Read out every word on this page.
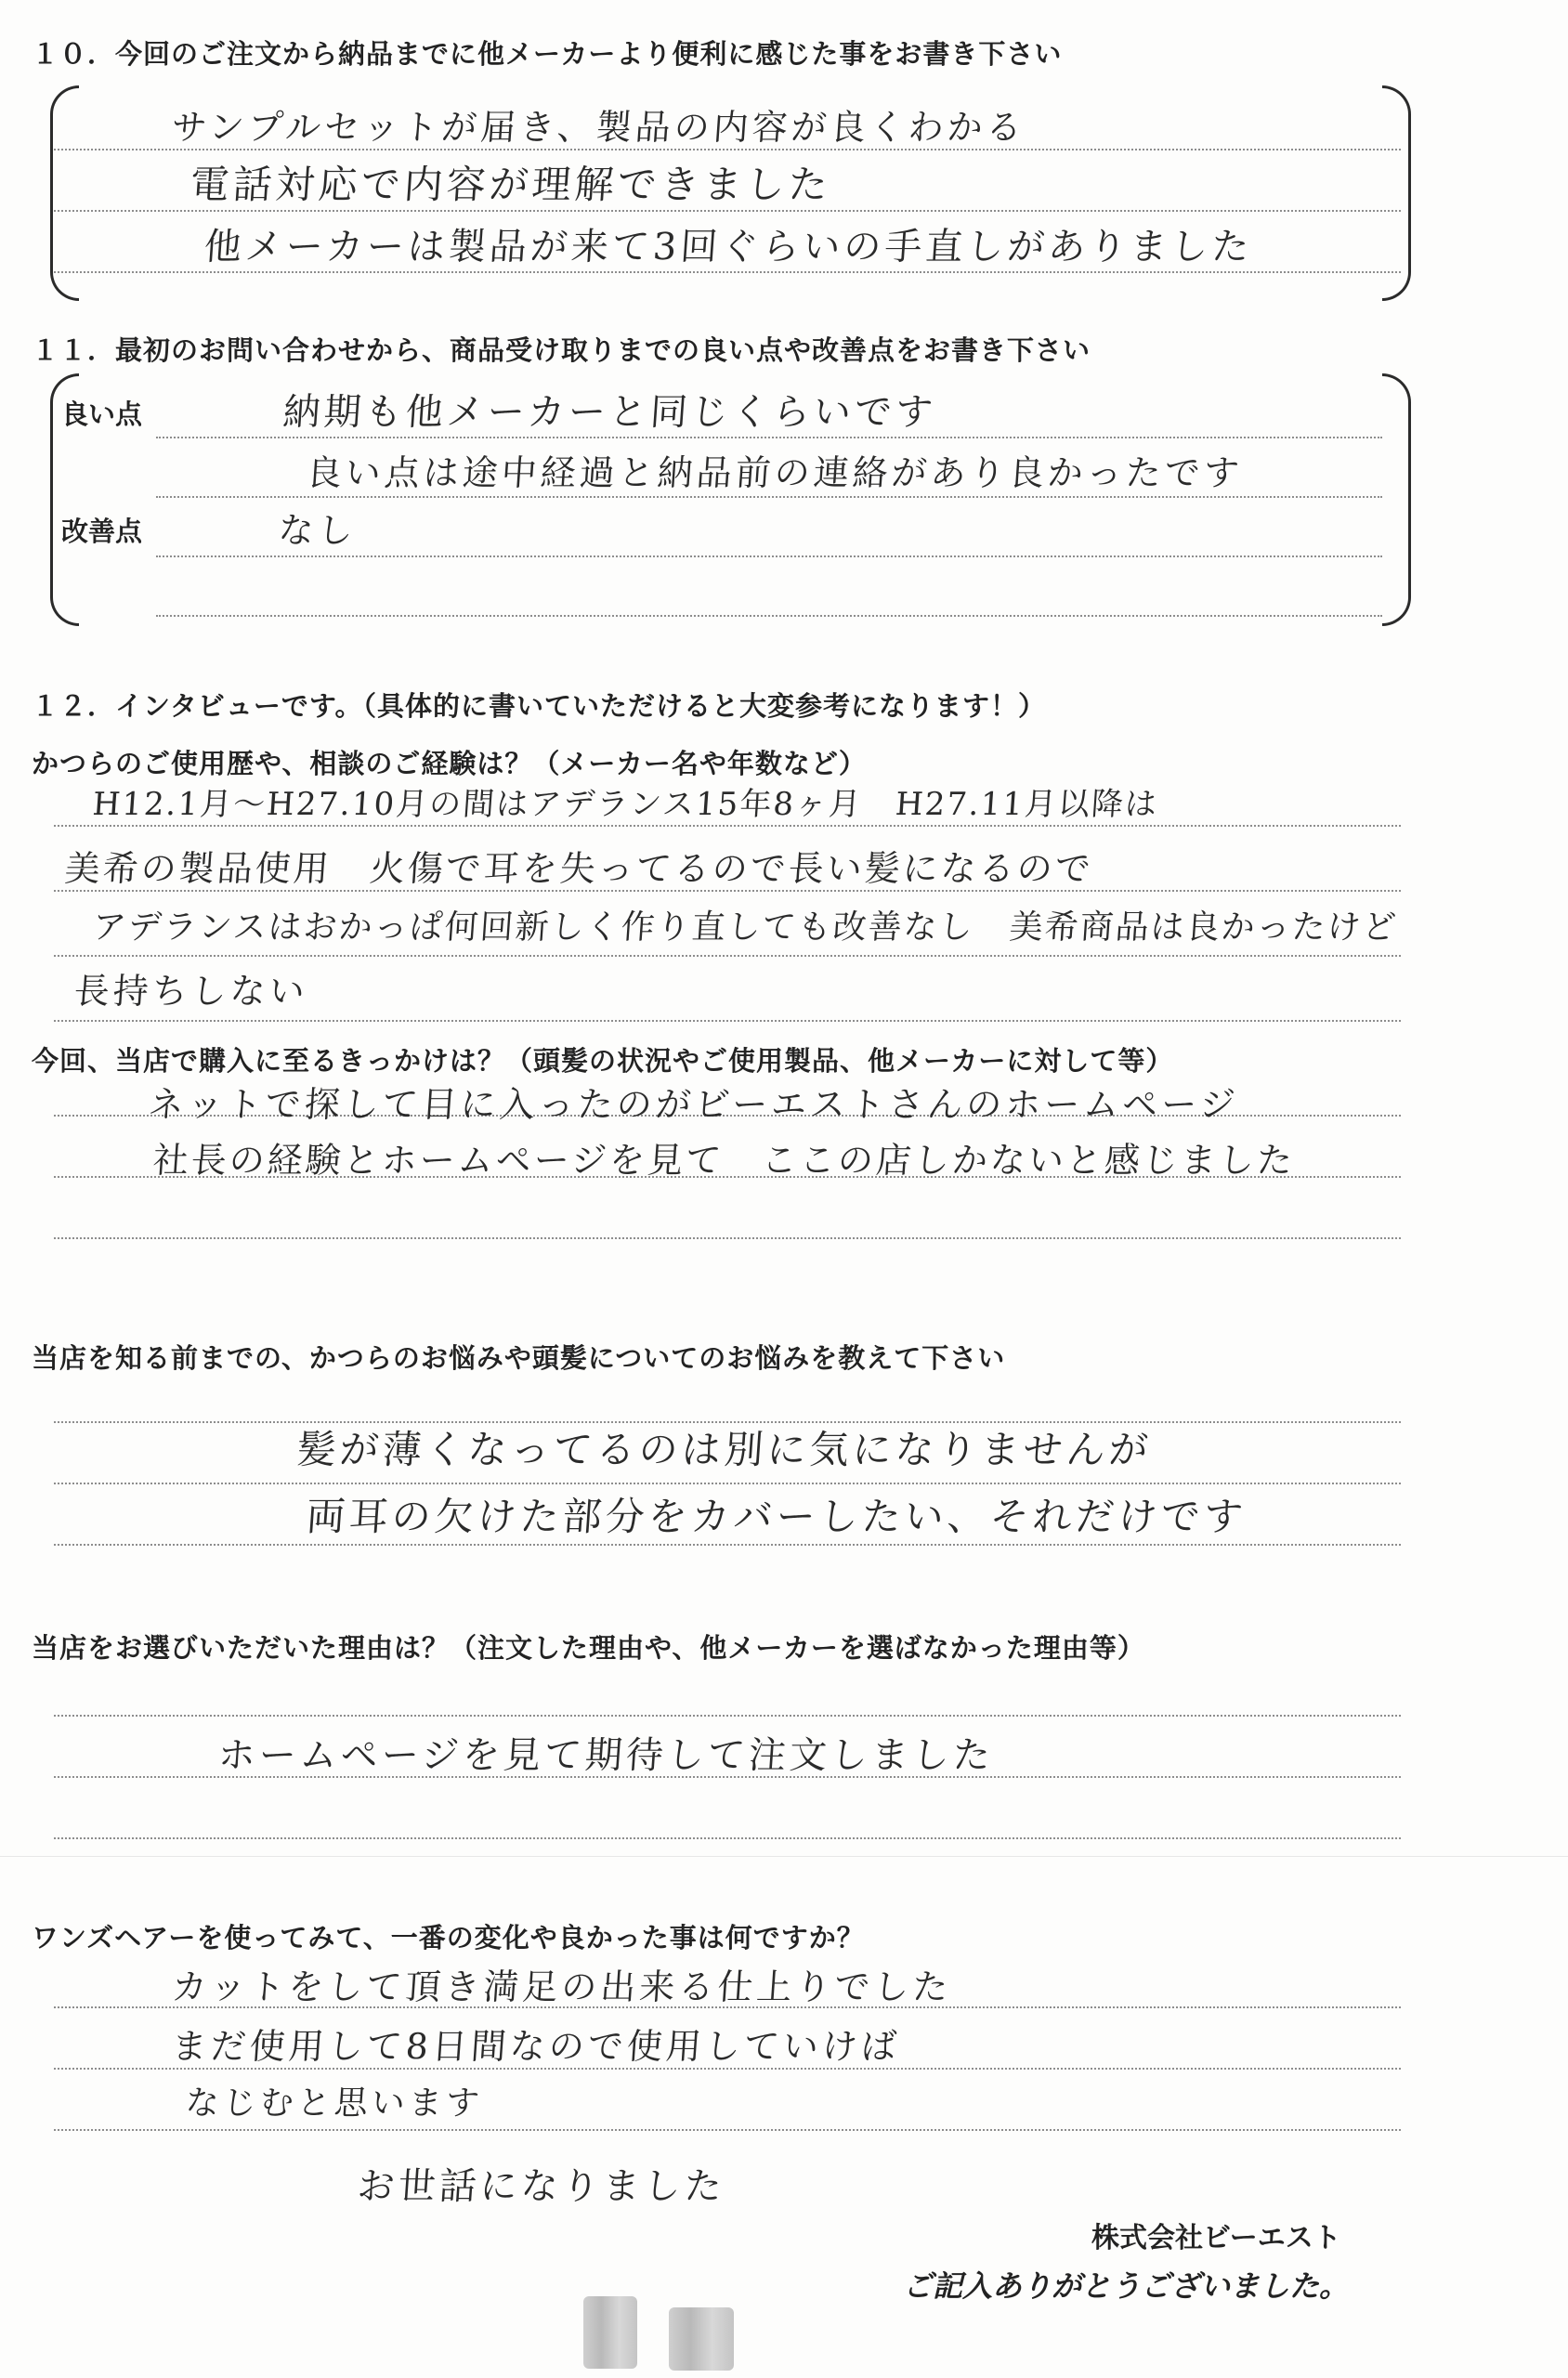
１０．今回のご注文から納品までに他メーカーより便利に感じた事をお書き下さい

サンプルセットが届き、製品の内容が良くわかる
電話対応で内容が理解できました
他メーカーは製品が来て3回ぐらいの手直しがありました

１１．最初のお問い合わせから、商品受け取りまでの良い点や改善点をお書き下さい

良い点
改善点
納期も他メーカーと同じくらいです
良い点は途中経過と納品前の連絡があり良かったです
なし

１２．インタビューです。（具体的に書いていただけると大変参考になります！）

かつらのご使用歴や、相談のご経験は？（メーカー名や年数など）

H12.1月～H27.10月の間はアデランス15年8ヶ月　H27.11月以降は
美希の製品使用　火傷で耳を失ってるので長い髪になるので
アデランスはおかっぱ何回新しく作り直しても改善なし　美希商品は良かったけど
長持ちしない

今回、当店で購入に至るきっかけは？（頭髪の状況やご使用製品、他メーカーに対して等）

ネットで探して目に入ったのがビーエストさんのホームページ
社長の経験とホームページを見て　ここの店しかないと感じました

当店を知る前までの、かつらのお悩みや頭髪についてのお悩みを教えて下さい

髪が薄くなってるのは別に気になりませんが
両耳の欠けた部分をカバーしたい、それだけです

当店をお選びいただいた理由は？（注文した理由や、他メーカーを選ばなかった理由等）

ホームページを見て期待して注文しました

ワンズヘアーを使ってみて、一番の変化や良かった事は何ですか？

カットをして頂き満足の出来る仕上りでした
まだ使用して8日間なので使用していけば
なじむと思います
お世話になりました
株式会社ビーエスト
ご記入ありがとうございました。
